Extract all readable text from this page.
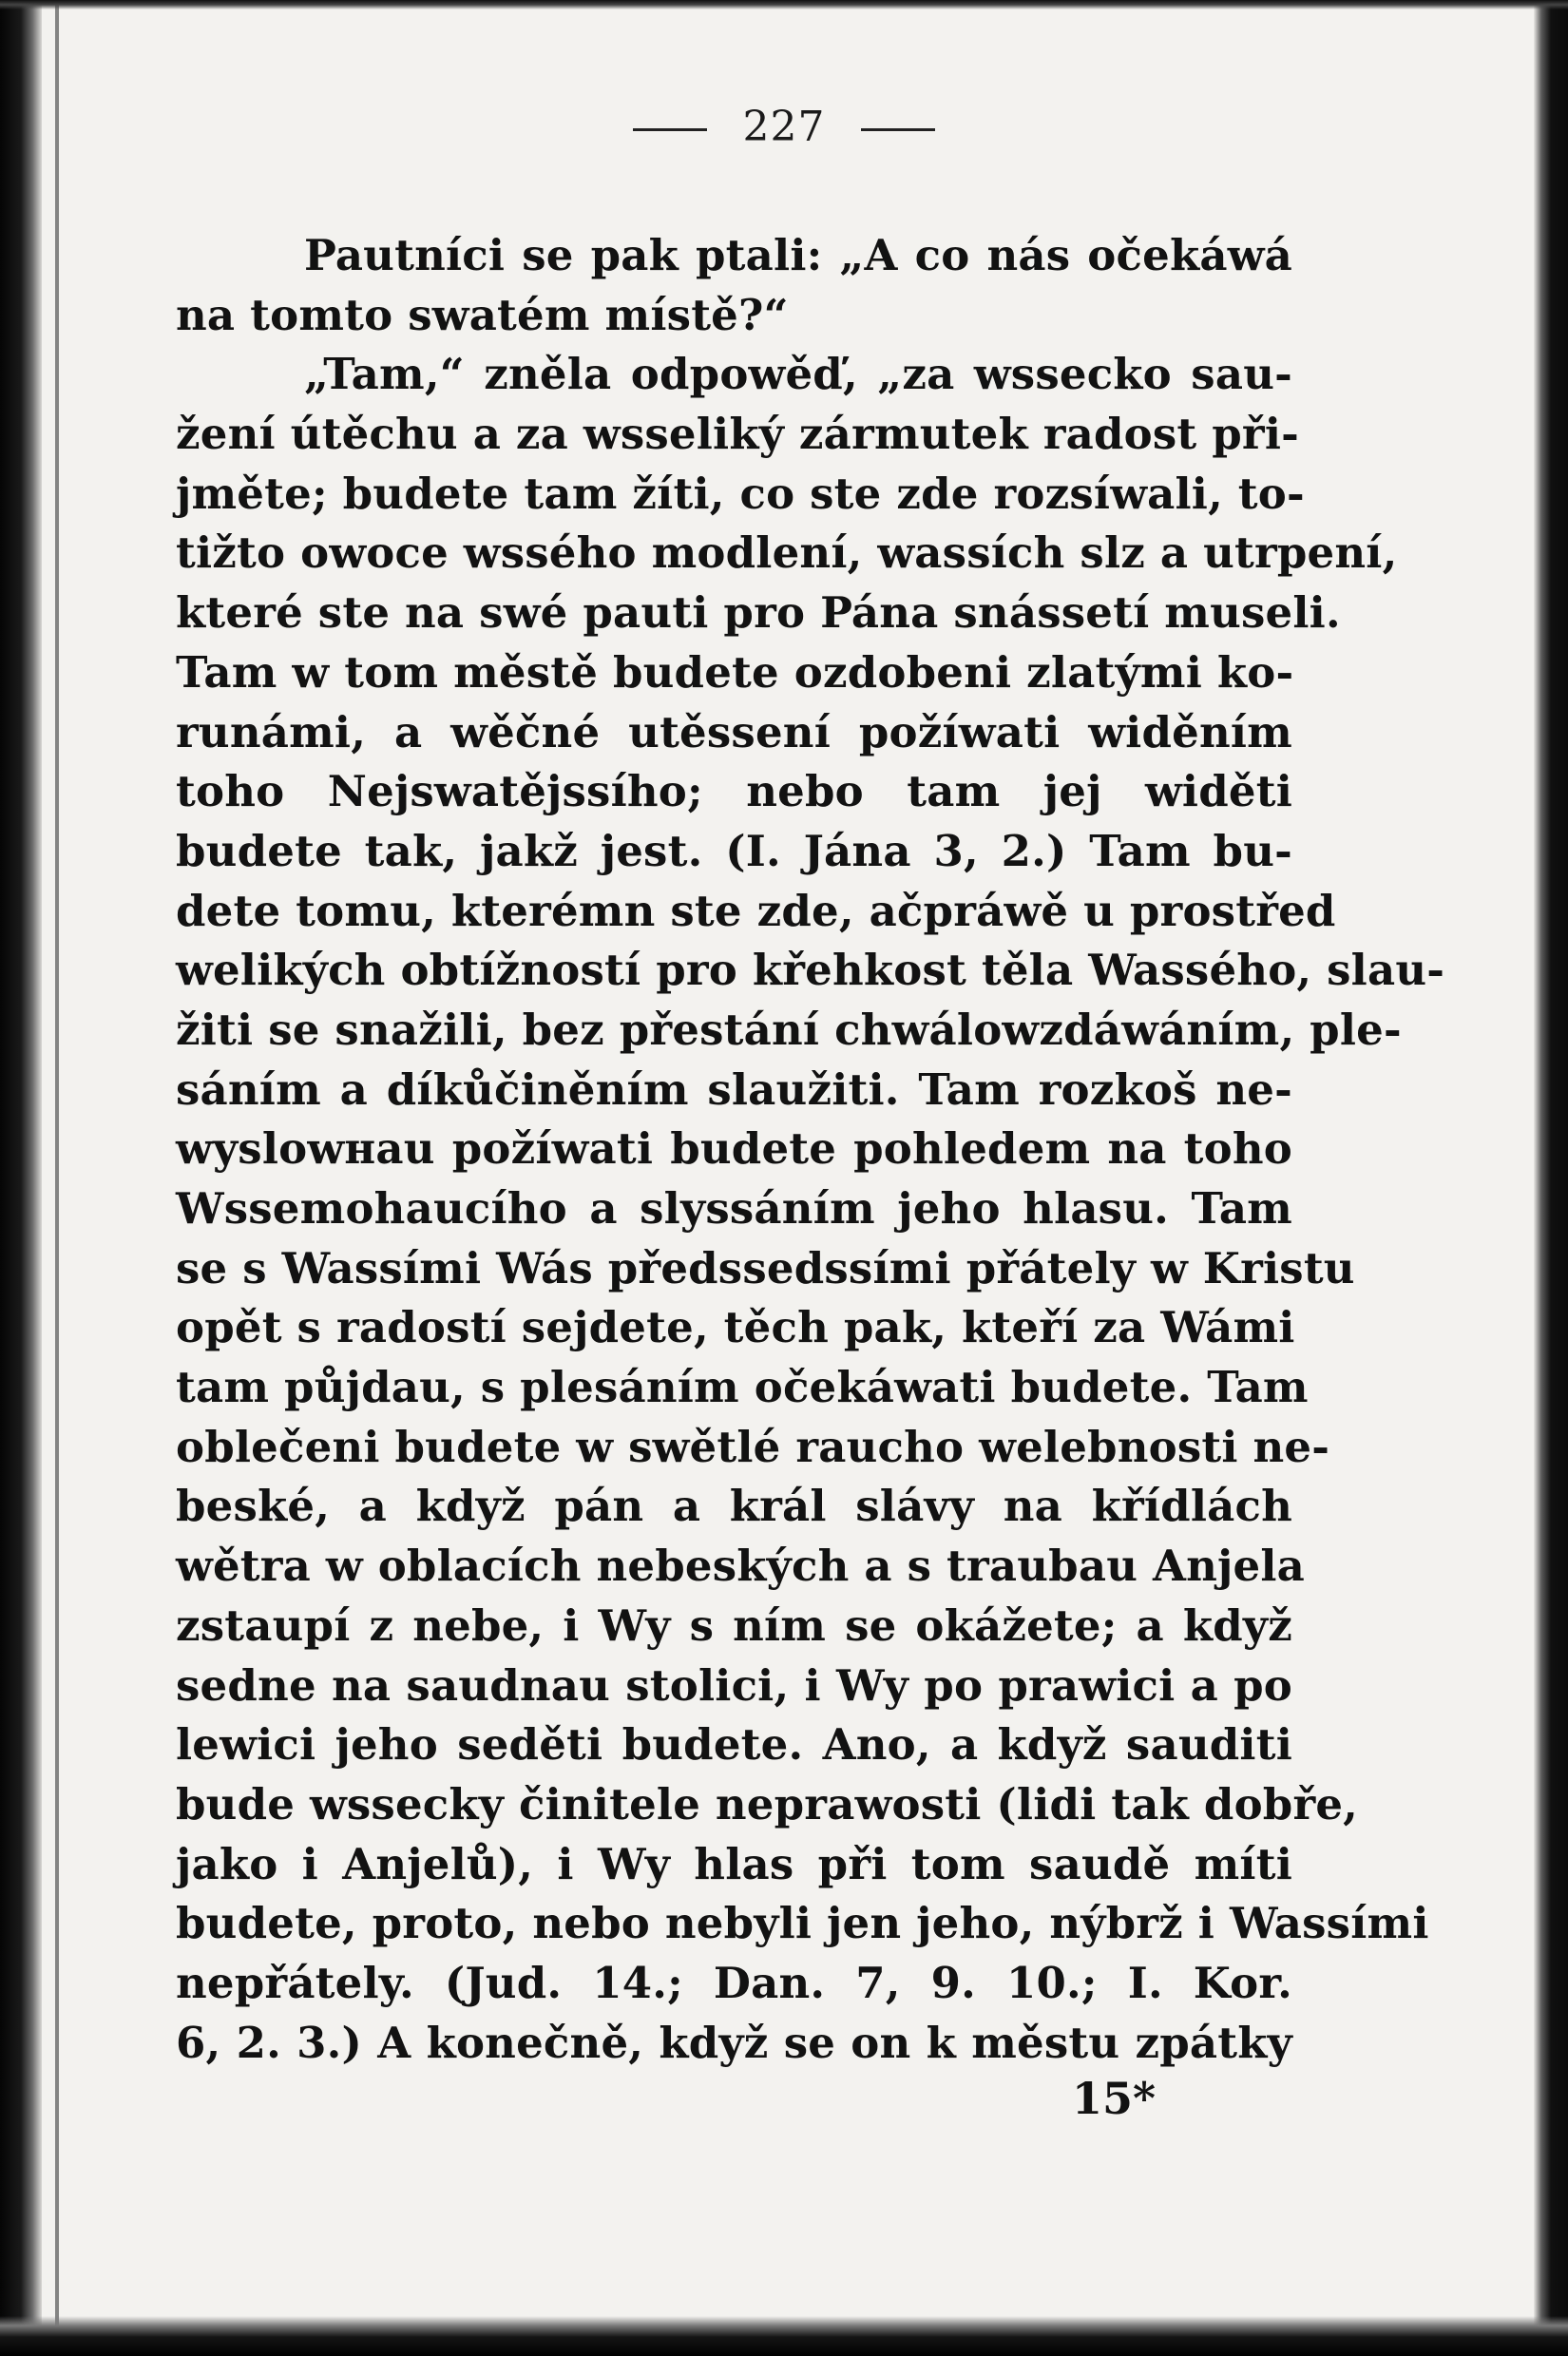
227
Pautníci se pak ptali: „A co nás očekáwá
na tomto swatém místě?“
„Tam,“ zněla odpowěď, „za wsseckо sau-
žení útěchu a za wsseliký zármutek radost při-
jměte; budete tam žíti, co ste zde rozsíwali, to-
tižto owoce wssého modlení, wassích slz a utrpení,
které ste na swé pauti pro Pána snássetí museli.
Tam w tom městě budete ozdobeni zlatými ko-
runámi, a wěčné utěssení požíwati widěním
toho Nejswatějssího; nebo tam jej widěti
budete tak, jakž jest. (I. Jána 3, 2.) Tam bu-
dete tomu, kterémn ste zde, ačpráwě u prostřed
welikých obtížností pro křehkost těla Wassého, slau-
žiti se snažili, bez přestání chwálowzdáwáním, ple-
sáním a díkůčiněním slaužiti. Tam rozkoš ne-
wyslowнau požíwati budete pohledem na toho
Wssemohaucího a slyssáním jeho hlasu. Tam
se s Wassími Wás předssedssími přátely w Kristu
opět s radostí sejdete, těch pak, kteří za Wámi
tam půjdau, s plesáním očekáwati budete. Tam
oblečeni budete w swětlé raucho welebnosti ne-
beské, a když pán a král slávy na křídlách
wětra w oblacích nebeských a s traubau Anjela
zstaupí z nebe, i Wy s ním se okážete; a když
sedne na saudnau stolici, i Wy po prawici a po
lewici jeho seděti budete. Ano, a když sauditi
bude wssecky činitele neprawosti (lidi tak dobře,
jako i Anjelů), i Wy hlas při tom saudě míti
budete, proto, nebo nebyli jen jeho, nýbrž i Wassími
nepřátely. (Jud. 14.; Dan. 7, 9. 10.; I. Kor.
6, 2. 3.) A konečně, když se on k městu zpátky
15*
